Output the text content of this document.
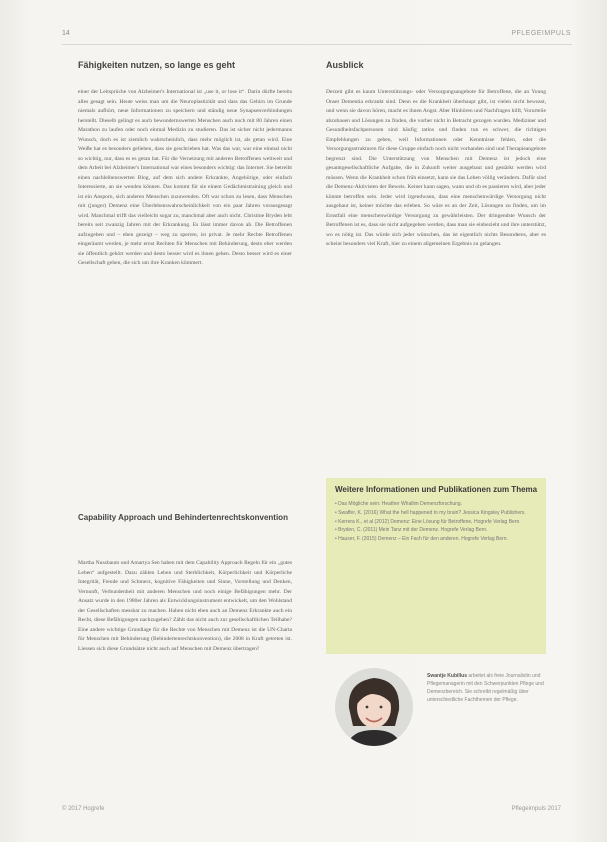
14	PFLEGEIMPULS
Fähigkeiten nutzen, so lange es geht	Ausblick

einer der Leitsprüche von Alzheimer's International ist „use it, or lose it“. Darin dürfte bereits alles gesagt sein. Heute weiss man um die Neuroplastizität und dass das Gehirn im Grunde niemals aufhört, neue Informationen zu speichern und ständig neue Synapsenverbindungen herstellt. Dieselb gelingt es auch bewundernswerten Menschen auch noch mit 80 Jahren einen Marathon zu laufen oder noch einmal Medizin zu studieren. Das ist sicher nicht jedermanns Wunsch, doch es ist ziemlich wahrscheinlich, dass mehr möglich ist, als getan wird. Eine Weiße hat es besonders geliehen, dass sie geschrieben hat. Was das war, war eine einmal nicht so wichtig, nur, dass es es getan hat. Für die Vernetzung mit anderen Betroffenen weltweit und dem Arbeit bei Alzheimer's International war eines besonders wichtig: das Internet. Sie betreibt einen nachleibenswerten Blog, auf dem sich andere Erkrankte, Angehörige, oder einfach Interessierte, an sie wenden können. Das kommt für sie einem Gedächtnistraining gleich und ist ein Ansporn, sich anderen Menschen zuzuwenden. Oft war schon zu lesen, dass Menschen mit (junger) Demenz eine Überlebenswahrscheinlichkeit von ein paar Jahren vorausgesagt wird. Manchmal trifft das vielleicht sogar zu, manchmal aber auch nicht. Christine Bryden lebt bereits seit zwanzig Jahren mit der Erkrankung. Es lässt immer davon ab. Die Betroffenen aufzugeben und – eben gezeigt – weg zu sperren, ist privat. Je mehr Rechte Betroffenen eingeräumt werden, je mehr ernst Rechten für Menschen mit Behinderung, desto eher werden sie öffentlich gehört werden und desto besser wird es ihnen gehen. Desto besser wird es einer Gesellschaft gehen, die sich um ihre Kranken kümmert.

Capability Approach und Behindertenrechtskonvention

Martha Nussbaum und Amartya Sen haben mit dem Capability Approach Regeln für ein „gutes Leben“ aufgestellt. Dazu zählen Leben und Sterblichkeit, Körperlichkeit und Körperliche Integrität, Freude und Schmerz, kognitive Fähigkeiten und Sinne, Vorstellung und Denken, Vernunft, Verbundenheit mit anderen Menschen und noch einige Befähigungen mehr. Der Ansatz wurde in den 1980er Jahren als Entwicklungsinstrument entwickelt, um den Wohlstand der Gesellschaften messbar zu machen. Haben nicht eben auch an Demenz Erkrankte auch ein Recht, diese Befähigungen nachzugehen? Zählt das nicht auch zur gesellschaftlichen Teilhabe? Eine andere wichtige Grundlage für die Rechte von Menschen mit Demenz ist die UN-Charta für Menschen mit Behinderung (Behindertenrechtskonvention), die 2008 in Kraft getreten ist. Liessen sich diese Grundsätze nicht auch auf Menschen mit Demenz übertragen?

Derzeit gibt es kaum Unterstützungs- oder Versorgungsangebote für Betroffene, die an Young Onset Dementia erkrankt sind. Denn es die Krankheit überhaupt gibt, ist vielen nicht bewusst, und wenn sie davon hören, macht es ihnen Angst. Aber Hinhören und Nachfragen hilft, Vorurteile abzubauen und Lösungen zu finden, die vorher nicht in Betracht gezogen wurden. Mediziner und Gesundheitsfachpersonen sind häufig ratlos und finden tun es schwer, die richtigen Empfehlungen zu geben, weil Informationen oder Kenntnisse fehlen, oder die Versorgungsstrukturen für diese Gruppe einfach noch nicht vorhanden sind und Therapieangebote begrenzt sind. Die Unterstützung von Menschen mit Demenz ist jedoch eine gesamtgesellschaftliche Aufgabe, die in Zukunft weiter ausgebaut und gestärkt werden wird müssen. Wenn die Krankheit schon früh einsetzt, kann sie das Leben völlig verändern. Dafür sind die Demenz-Aktivisten der Beweis. Keiner kann sagen, wann und ob es passieren wird, aber jeder könnte betroffen sein. Jeder wird irgendwann, dass eine menschenwürdige Versorgung nicht ausgebaut ist, keiner möchte das erleben. So wäre es an der Zeit, Lösungen zu finden, um im Ernstfall eine menschenwürdige Versorgung zu gewährleisten. Der dringendste Wunsch der Betroffenen ist es, dass sie nicht aufgegeben werden, dass man sie einbezieht und ihre unterstützt, wo es nötig ist. Das würde sich jeder wünschen, das ist eigentlich nichts Besonderes, aber es scheint besonders viel Kraft, hier zu einem allgemeinen Ergebnis zu gelangen.

Weitere Informationen und Publikationen zum Thema
• Das Mögliche sein: Heather Whallim Demenzforschung.
• Swaffer, K. (2016) What the hell happened to my brain? Jessica Kingsley Publishers.
• Kerrera K., et al (2012) Demenz: Eine Lösung für Betroffene, Hogrefe Verlag Bern.
• Bryden, C. (2011) Mein Tanz mit der Demenz. Hogrefe Verlag Bern.
• Hauser, F. (2015) Demenz – Ein Fach für den anderen. Hogrefe Verlag Bern.
Swantje Kubillus arbeitet als freie Journalistin und Pflegemanagerin mit den Schwerpunkten Pflege und Demenzbereich. Sie schreibt regelmäßig über unterschiedliche Fachthemen der Pflege.
© 2017 Hogrefe	Pflegeimpuls 2017
